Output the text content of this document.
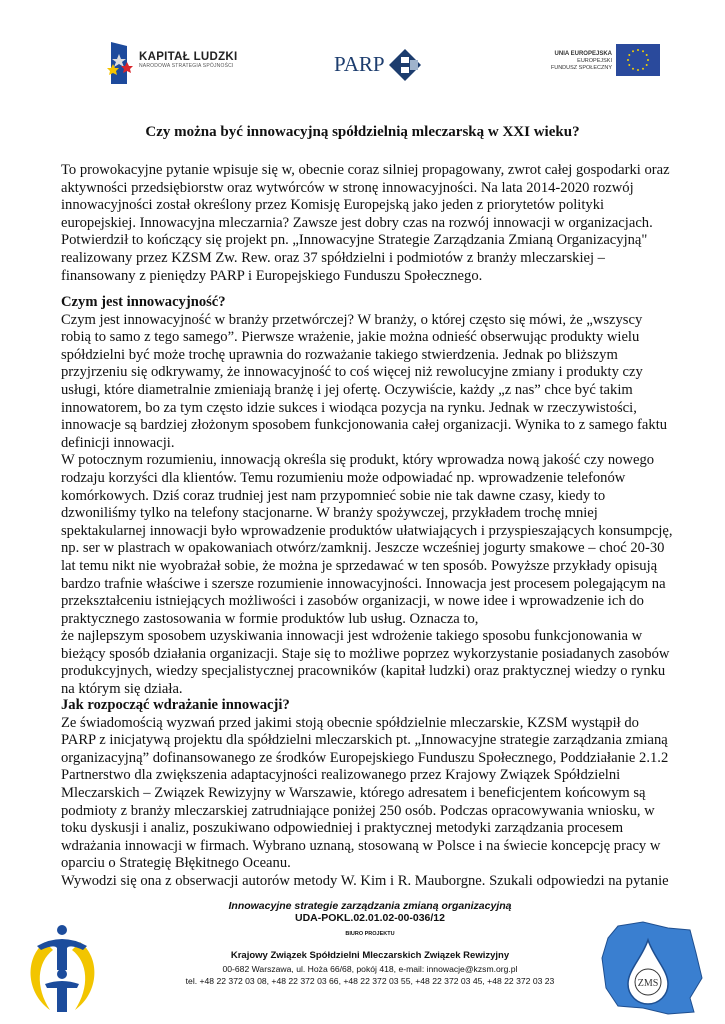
KAPITAŁ LUDZKI
NARODOWA STRATEGIA SPÓJNOŚCI	PARP	UNIA EUROPEJSKA
EUROPEJSKI
FUNDUSZ SPOŁECZNY
Czy można być innowacyjną spółdzielnią mleczarską w XXI wieku?
To prowokacyjne pytanie wpisuje się w, obecnie coraz silniej propagowany, zwrot całej gospodarki oraz
aktywności przedsiębiorstw oraz wytwórców w stronę innowacyjności. Na lata 2014-2020 rozwój
innowacyjności został określony przez Komisję Europejską jako jeden z priorytetów polityki
europejskiej. Innowacyjna mleczarnia? Zawsze jest dobry czas na rozwój innowacji w organizacjach.
Potwierdził to kończący się projekt pn. „Innowacyjne Strategie Zarządzania Zmianą Organizacyjną"
realizowany przez KZSM Zw. Rew. oraz 37 spółdzielni i podmiotów z branży mleczarskiej –
finansowany z pieniędzy PARP i Europejskiego Funduszu Społecznego.
Czym jest innowacyjność?
Czym jest innowacyjność w branży przetwórczej? W branży, o której często się mówi, że „wszyscy
robią to samo z tego samego”. Pierwsze wrażenie, jakie można odnieść obserwując produkty wielu
spółdzielni być może trochę uprawnia do rozważanie takiego stwierdzenia. Jednak po bliższym
przyjrzeniu się odkrywamy, że innowacyjność to coś więcej niż rewolucyjne zmiany i produkty czy
usługi, które diametralnie zmieniają branżę i jej ofertę. Oczywiście, każdy „z nas” chce być takim
innowatorem, bo za tym często idzie sukces i wiodąca pozycja na rynku. Jednak w rzeczywistości,
innowacje są bardziej złożonym sposobem funkcjonowania całej organizacji. Wynika to z samego faktu
definicji innowacji.
W potocznym rozumieniu, innowacją określa się produkt, który wprowadza nową jakość czy nowego
rodzaju korzyści dla klientów. Temu rozumieniu może odpowiadać np. wprowadzenie telefonów
komórkowych. Dziś coraz trudniej jest nam przypomnieć sobie nie tak dawne czasy, kiedy to
dzwoniliśmy tylko na telefony stacjonarne. W branży spożywczej, przykładem trochę mniej
spektakularnej innowacji było wprowadzenie produktów ułatwiających i przyspieszających konsumpcję,
np. ser w plastrach w opakowaniach otwórz/zamknij. Jeszcze wcześniej jogurty smakowe – choć 20-30
lat temu nikt nie wyobrażał sobie, że można je sprzedawać w ten sposób. Powyższe przykłady opisują
bardzo trafnie właściwe i szersze rozumienie innowacyjności. Innowacja jest procesem polegającym na
przekształceniu istniejących możliwości i zasobów organizacji, w nowe idee i wprowadzenie ich do
praktycznego zastosowania w formie produktów lub usług. Oznacza to,
że najlepszym sposobem uzyskiwania innowacji jest wdrożenie takiego sposobu funkcjonowania w
bieżący sposób działania organizacji. Staje się to możliwe poprzez wykorzystanie posiadanych zasobów
produkcyjnych, wiedzy specjalistycznej pracowników (kapitał ludzki) oraz praktycznej wiedzy o rynku
na którym się działa.
Jak rozpocząć wdrażanie innowacji?
Ze świadomością wyzwań przed jakimi stoją obecnie spółdzielnie mleczarskie, KZSM wystąpił do
PARP z inicjatywą projektu dla spółdzielni mleczarskich pt. „Innowacyjne strategie zarządzania zmianą
organizacyjną” dofinansowanego ze środków Europejskiego Funduszu Społecznego, Poddziałanie 2.1.2
Partnerstwo dla zwiększenia adaptacyjności realizowanego przez Krajowy Związek Spółdzielni
Mleczarskich – Związek Rewizyjny w Warszawie, którego adresatem i beneficjentem końcowym są
podmioty z branży mleczarskiej zatrudniające poniżej 250 osób. Podczas opracowywania wniosku, w
toku dyskusji i analiz, poszukiwano odpowiedniej i praktycznej metodyki zarządzania procesem
wdrażania innowacji w firmach. Wybrano uznaną, stosowaną w Polsce i na świecie koncepcję pracy w
oparciu o Strategię Błękitnego Oceanu.
Wywodzi się ona z obserwacji autorów metody W. Kim i R. Mauborgne. Szukali odpowiedzi na pytanie
Innowacyjne strategie zarządzania zmianą organizacyjną
UDA-POKL.02.01.02-00-036/12
BIURO PROJEKTU
Krajowy Związek Spółdzielni Mleczarskich Związek Rewizyjny
00-682 Warszawa, ul. Hoża 66/68, pokój 418, e-mail: innowacje@kzsm.org.pl
tel. +48 22 372 03 08, +48 22 372 03 66, +48 22 372 03 55, +48 22 372 03 45, +48 22 372 03 23	ZMS
